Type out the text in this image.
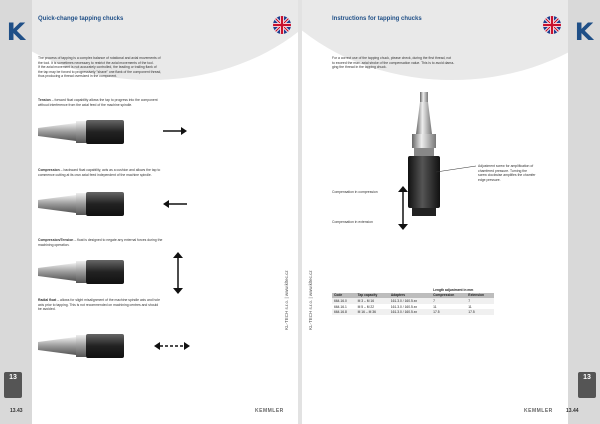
K	Quick-change tapping chucks
The process of tapping is a complex balance of rotational and axial movements of
the tool. It is sometimes necessary to restrict the axial movements of the tool.
If the axial movement is not accurately controlled, the leading or trailing flank of
the tap may be forced to progressively "shave" one flank of the component thread,
thus producing a thread oversized in the component.
Tension – forward float capability allows the tap to progress into the component
without interference from the axial feed of the machine spindle.
Compression – backward float capability, acts as a cushion and allows the tap to
commence cutting at its own axial feed independent of the machine spindle.
Compression/Tension – float is designed to negate any external forces during the
machining operation.
Radial float – allows for slight misalignment of the machine spindle axis and hole
axis prior to tapping. This is not recommended on machining centres and should
be avoided.
13
KL-TECH s.r.o. | www.kltec.cz
13.43	KEMMLER
K
Instructions for tapping chucks
For a correct use of the tapping chuck, please check, during the first thread, not
to exceed the max. axial stroke of the compensation value. This is to avoid dama-
ging the thread in the tapping chuck.
Adjustment screw for amplification of
chamfered pressure. Turning the
screw clockwise amplifies the chamfer
edge pressure.
Compensation in compression
Compensation in extension
			Length adjustment in mm	
Code	Tap capacity	Adapters	Compression	Extension
664.16.0	M 3 – M 16	161.3.0 / 160.5.xx	7	7
664.16.1	M 5 – M 22	161.3.0 / 160.5.xx	11	11
664.16.8	M 16 – M 36	161.3.0 / 160.5.xx	17.5	17.5
13
KL-TECH s.r.o. | www.kltec.cz
KEMMLER	13.44
